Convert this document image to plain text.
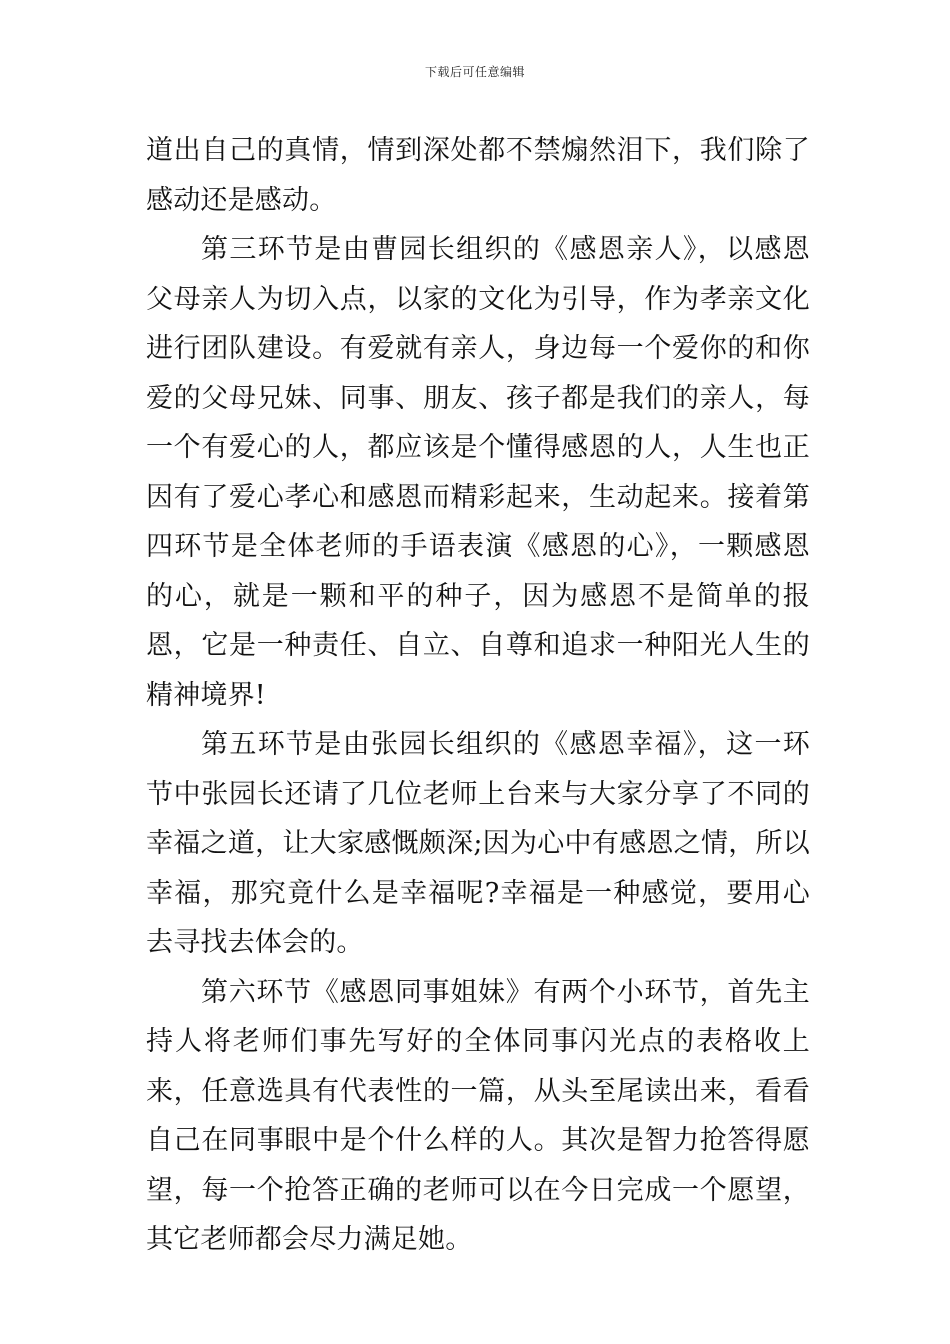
下载后可任意编辑

道出自己的真情，情到深处都不禁煽然泪下，我们除了感动还是感动。

第三环节是由曹园长组织的《感恩亲人》，以感恩父母亲人为切入点，以家的文化为引导，作为孝亲文化进行团队建设。有爱就有亲人，身边每一个爱你的和你爱的父母兄妹、同事、朋友、孩子都是我们的亲人，每一个有爱心的人，都应该是个懂得感恩的人，人生也正因有了爱心孝心和感恩而精彩起来，生动起来。接着第四环节是全体老师的手语表演《感恩的心》，一颗感恩的心，就是一颗和平的种子，因为感恩不是简单的报恩，它是一种责任、自立、自尊和追求一种阳光人生的精神境界!

第五环节是由张园长组织的《感恩幸福》，这一环节中张园长还请了几位老师上台来与大家分享了不同的幸福之道，让大家感慨颇深;因为心中有感恩之情，所以幸福，那究竟什么是幸福呢?幸福是一种感觉，要用心去寻找去体会的。

第六环节《感恩同事姐妹》有两个小环节，首先主持人将老师们事先写好的全体同事闪光点的表格收上来，任意选具有代表性的一篇，从头至尾读出来，看看自己在同事眼中是个什么样的人。其次是智力抢答得愿望，每一个抢答正确的老师可以在今日完成一个愿望，其它老师都会尽力满足她。
